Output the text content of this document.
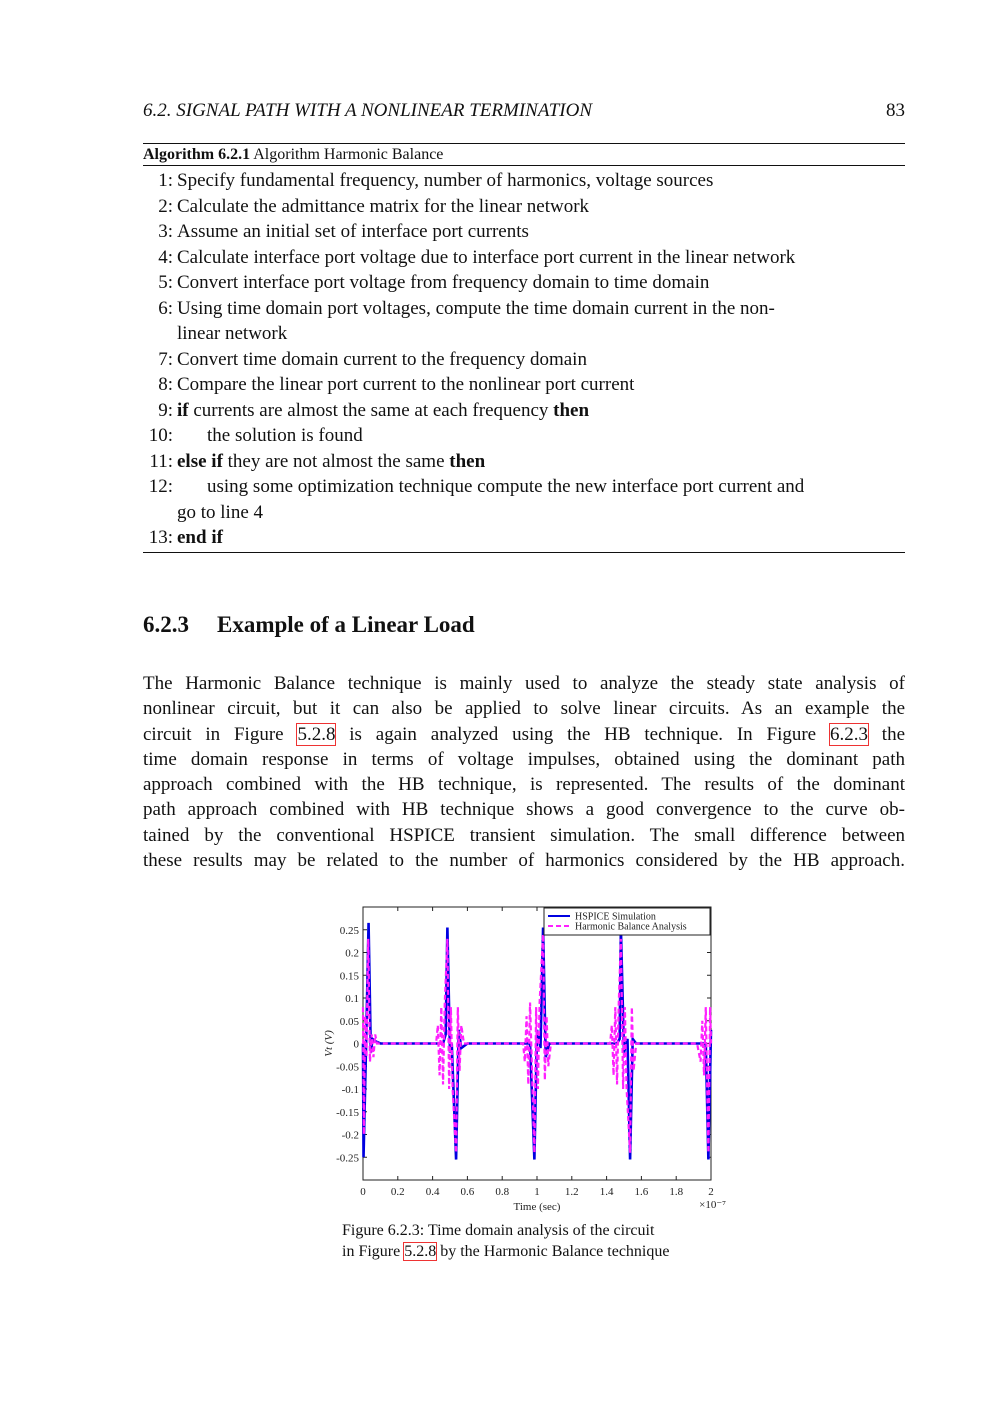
6.2. SIGNAL PATH WITH A NONLINEAR TERMINATION	83
Algorithm 6.2.1 Algorithm Harmonic Balance
1: Specify fundamental frequency, number of harmonics, voltage sources
2: Calculate the admittance matrix for the linear network
3: Assume an initial set of interface port currents
4: Calculate interface port voltage due to interface port current in the linear network
5: Convert interface port voltage from frequency domain to time domain
6: Using time domain port voltages, compute the time domain current in the non-
linear network
7: Convert time domain current to the frequency domain
8: Compare the linear port current to the nonlinear port current
9: if currents are almost the same at each frequency then
10: the solution is found
11: else if they are not almost the same then
12: using some optimization technique compute the new interface port current and
go to line 4
13: end if
6.2.3 Example of a Linear Load
The Harmonic Balance technique is mainly used to analyze the steady state analysis of
nonlinear circuit, but it can also be applied to solve linear circuits. As an example the
circuit in Figure 5.2.8 is again analyzed using the HB technique. In Figure 6.2.3 the
time domain response in terms of voltage impulses, obtained using the dominant path
approach combined with the HB technique, is represented. The results of the dominant
path approach combined with HB technique shows a good convergence to the curve ob-
tained by the conventional HSPICE transient simulation. The small difference between
these results may be related to the number of harmonics considered by the HB approach.
0 0.2 0.4 0.6 0.8 1 1.2 1.4 1.6 1.8 2
0.25
0.2
0.15
0.1
0.05
0
-0.05
-0.1
-0.15
-0.2
-0.25
Time (sec)	×10⁻⁷
Vt (V)
HSPICE Simulation
Harmonic Balance Analysis
Figure 6.2.3: Time domain analysis of the circuit
in Figure 5.2.8 by the Harmonic Balance technique
